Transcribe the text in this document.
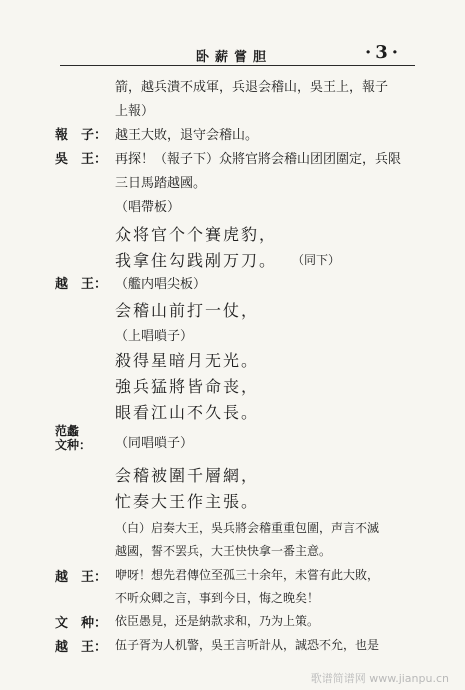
卧薪嘗胆	·3·
箭，越兵潰不成軍，兵退会稽山，吳王上，報子
上報）
報　子： 越王大敗，退守会稽山。
吳　王： 再探！（報子下）众將官將会稽山团团圍定，兵限
三日馬踏越國。
（唱帶板）
众将官个个賽虎豹，
我拿住勾践剐万刀。 （同下）
越　王： （艦内唱尖板）
会稽山前打一仗，
（上唱嗩子）
殺得星暗月无光。
強兵猛將皆命丧，
眼看江山不久長。
范蠡
文种：	（同唱嗩子）
会稽被圍千層網，
忙奏大王作主張。
（白）启奏大王，吳兵將会稽重重包圍，声言不滅
越國，誓不罢兵，大王快快拿一番主意。
越　王： 咿呀！想先君傳位至孤三十余年，未嘗有此大敗，
不听众卿之言，事到今日，悔之晚矣！
文　种： 依臣愚見，还是納款求和，乃为上策。
越　王： 伍子胥为人机警，吳王言听計从，誠恐不允，也是
歌谱简谱网 www.jianpu.cn
